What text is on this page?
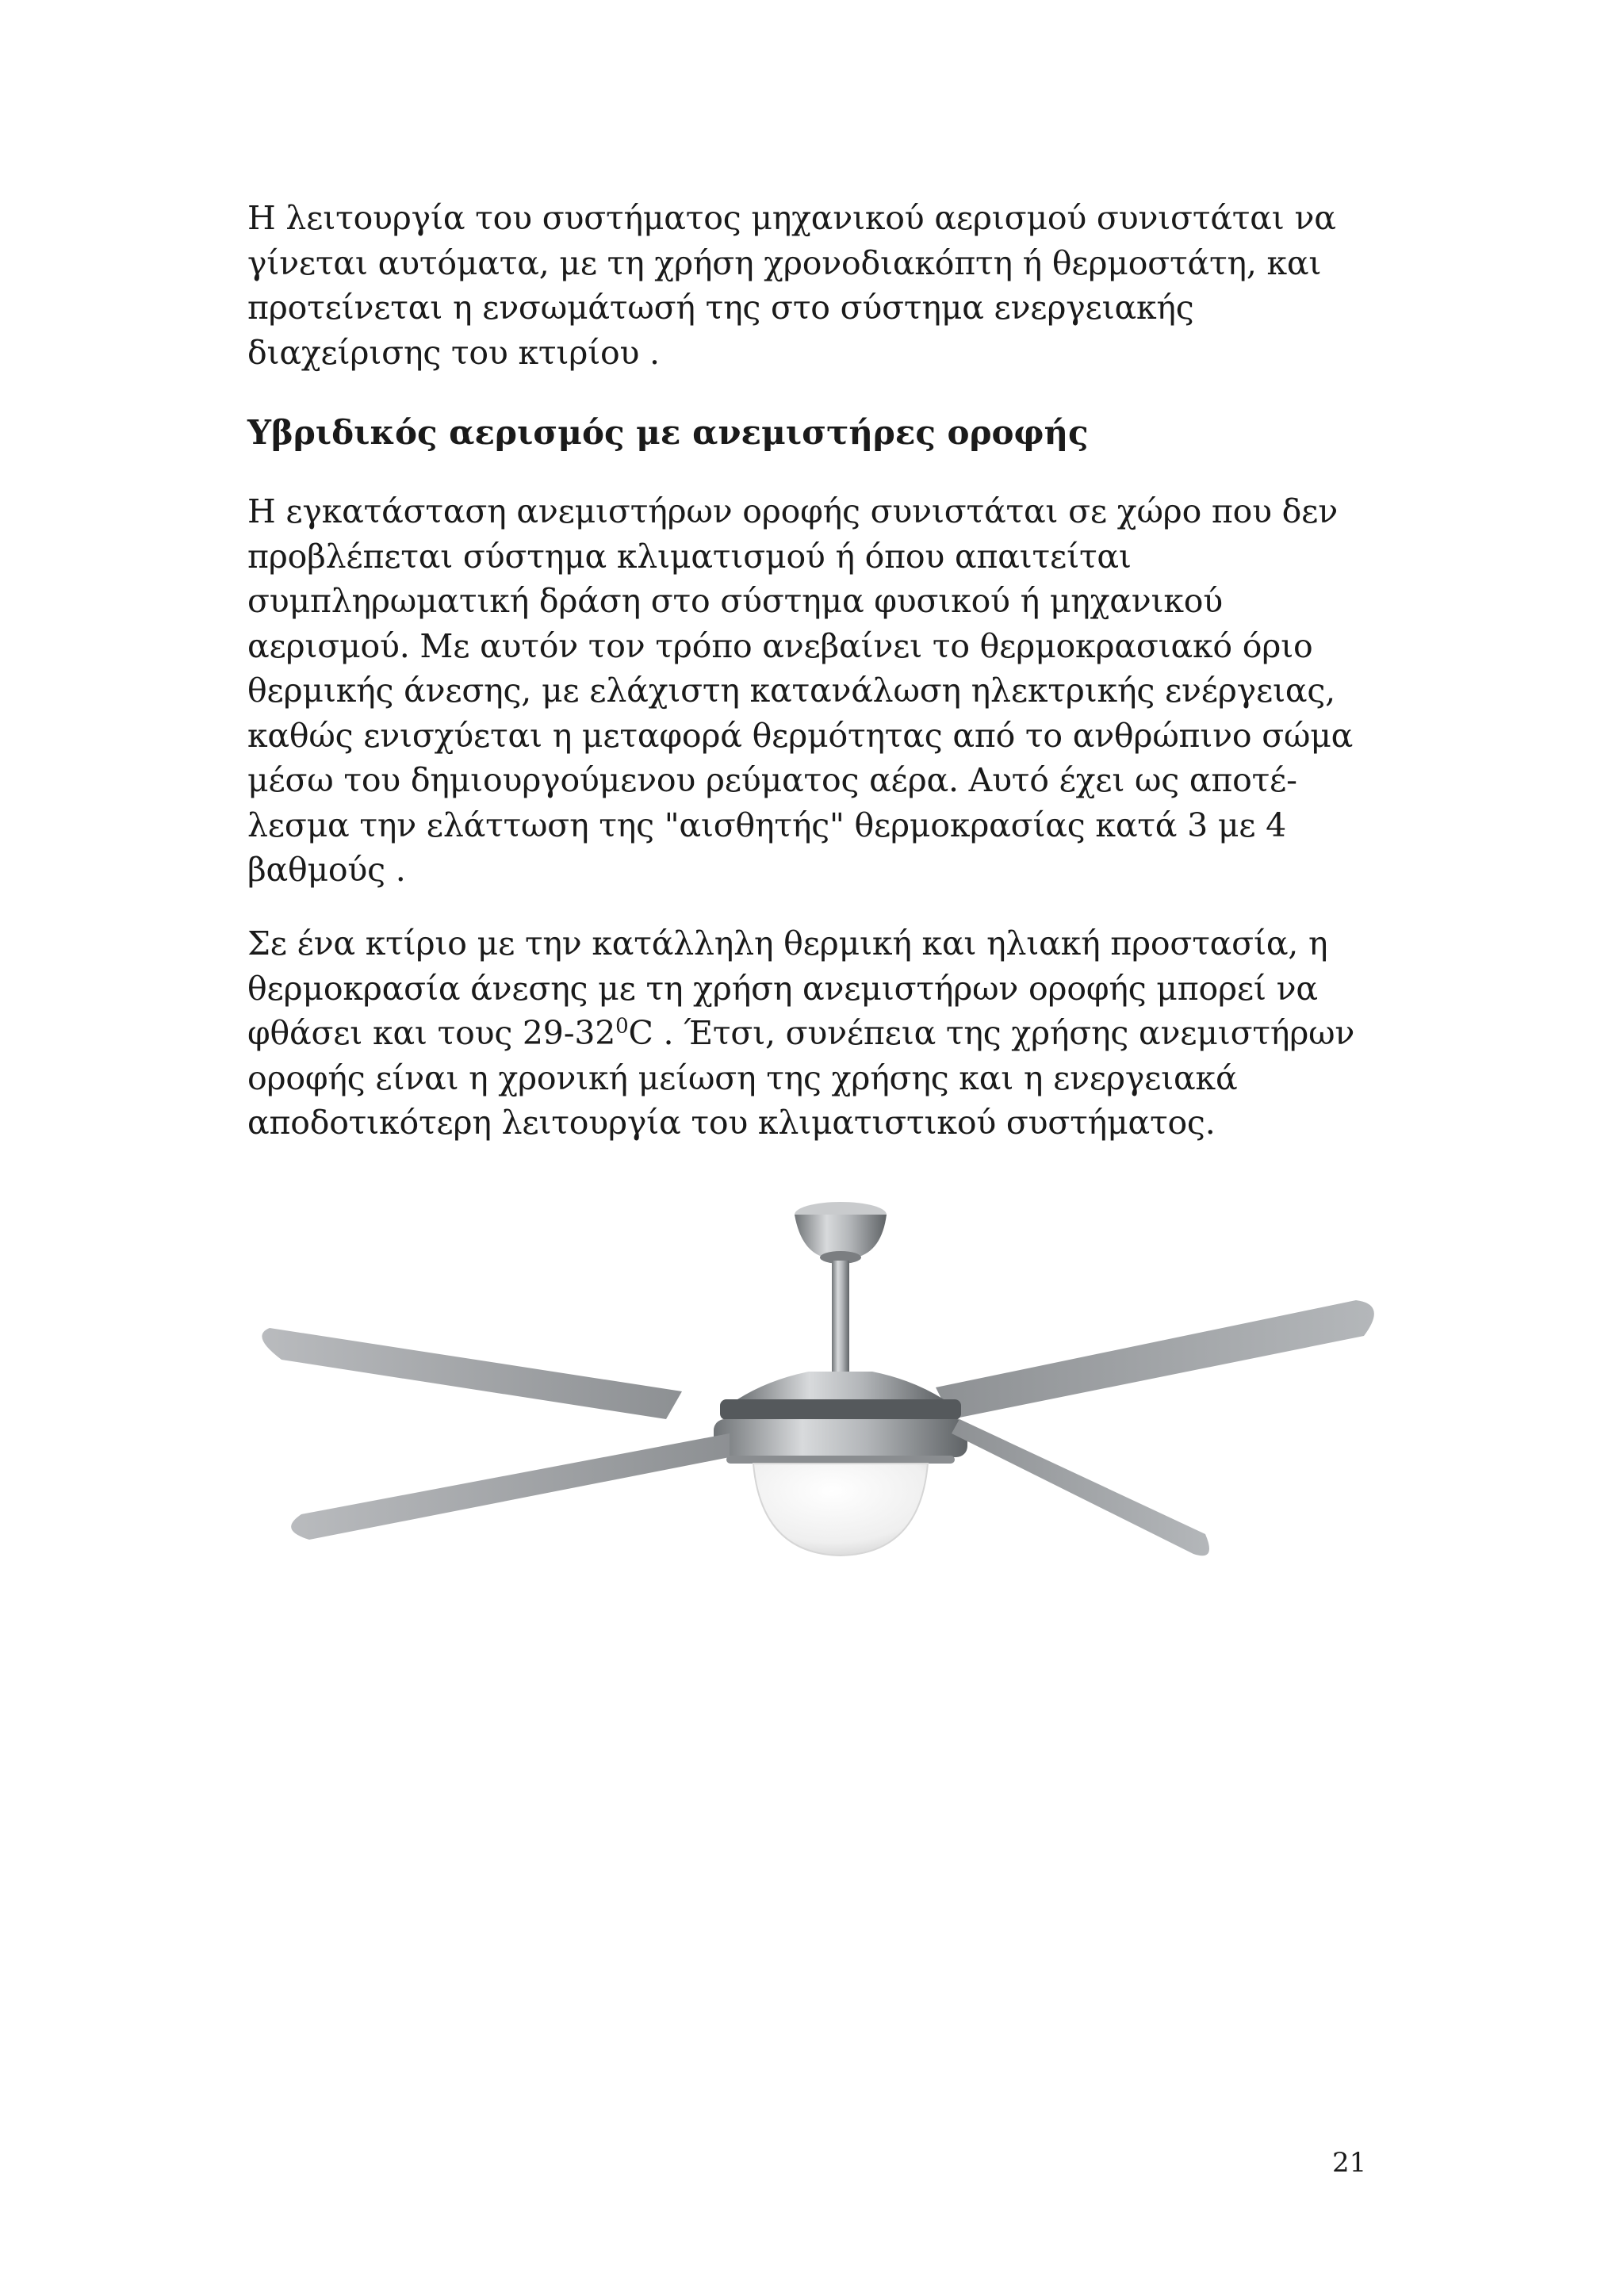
Η λειτουργία του συστήματος μηχανικού αερισμού συνιστάται να
γίνεται αυτόματα, με τη χρήση χρονοδιακόπτη ή θερμοστάτη, και
προτείνεται η ενσωμάτωσή της στο σύστημα ενεργειακής
διαχείρισης του κτιρίου .

Υβριδικός αερισμός με ανεμιστήρες οροφής

Η εγκατάσταση ανεμιστήρων οροφής συνιστάται σε χώρο που δεν
προβλέπεται σύστημα κλιματισμού ή όπου απαιτείται
συμπληρωματική δράση στο σύστημα φυσικού ή μηχανικού
αερισμού. Με αυτόν τον τρόπο ανεβαίνει το θερμοκρασιακό όριο
θερμικής άνεσης, με ελάχιστη κατανάλωση ηλεκτρικής ενέργειας,
καθώς ενισχύεται η μεταφορά θερμότητας από το ανθρώπινο σώμα
μέσω του δημιουργούμενου ρεύματος αέρα. Αυτό έχει ως αποτέ-
λεσμα την ελάττωση της "αισθητής" θερμοκρασίας κατά 3 με 4
βαθμούς .

Σε ένα κτίριο με την κατάλληλη θερμική και ηλιακή προστασία, η
θερμοκρασία άνεσης με τη χρήση ανεμιστήρων οροφής μπορεί να
φθάσει και τους $29-32^0C$ . Έτσι, συνέπεια της χρήσης ανεμιστήρων
οροφής είναι η χρονική μείωση της χρήσης και η ενεργειακά
αποδοτικότερη λειτουργία του κλιματιστικού συστήματος.

21
